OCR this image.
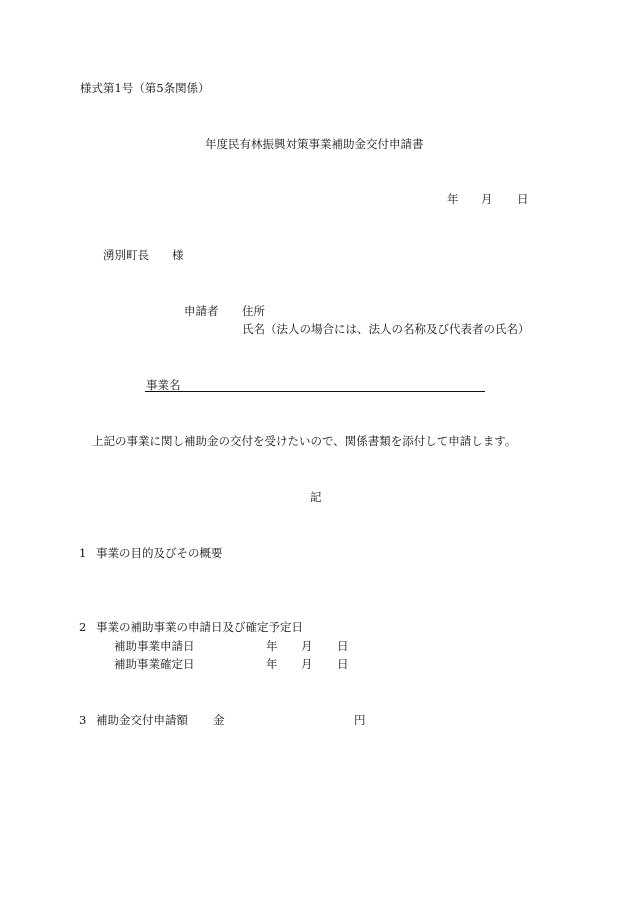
様式第1号（第5条関係）
年度民有林振興対策事業補助金交付申請書
年 月 日
湧別町長 様
申請者 住所
氏名（法人の場合には、法人の名称及び代表者の氏名）
事業名
上記の事業に関し補助金の交付を受けたいので、関係書類を添付して申請します。
記
1 事業の目的及びその概要
2 事業の補助事業の申請日及び確定予定日
補助事業申請日	年 月 日
補助事業確定日	年 月 日
3 補助金交付申請額 金	円
